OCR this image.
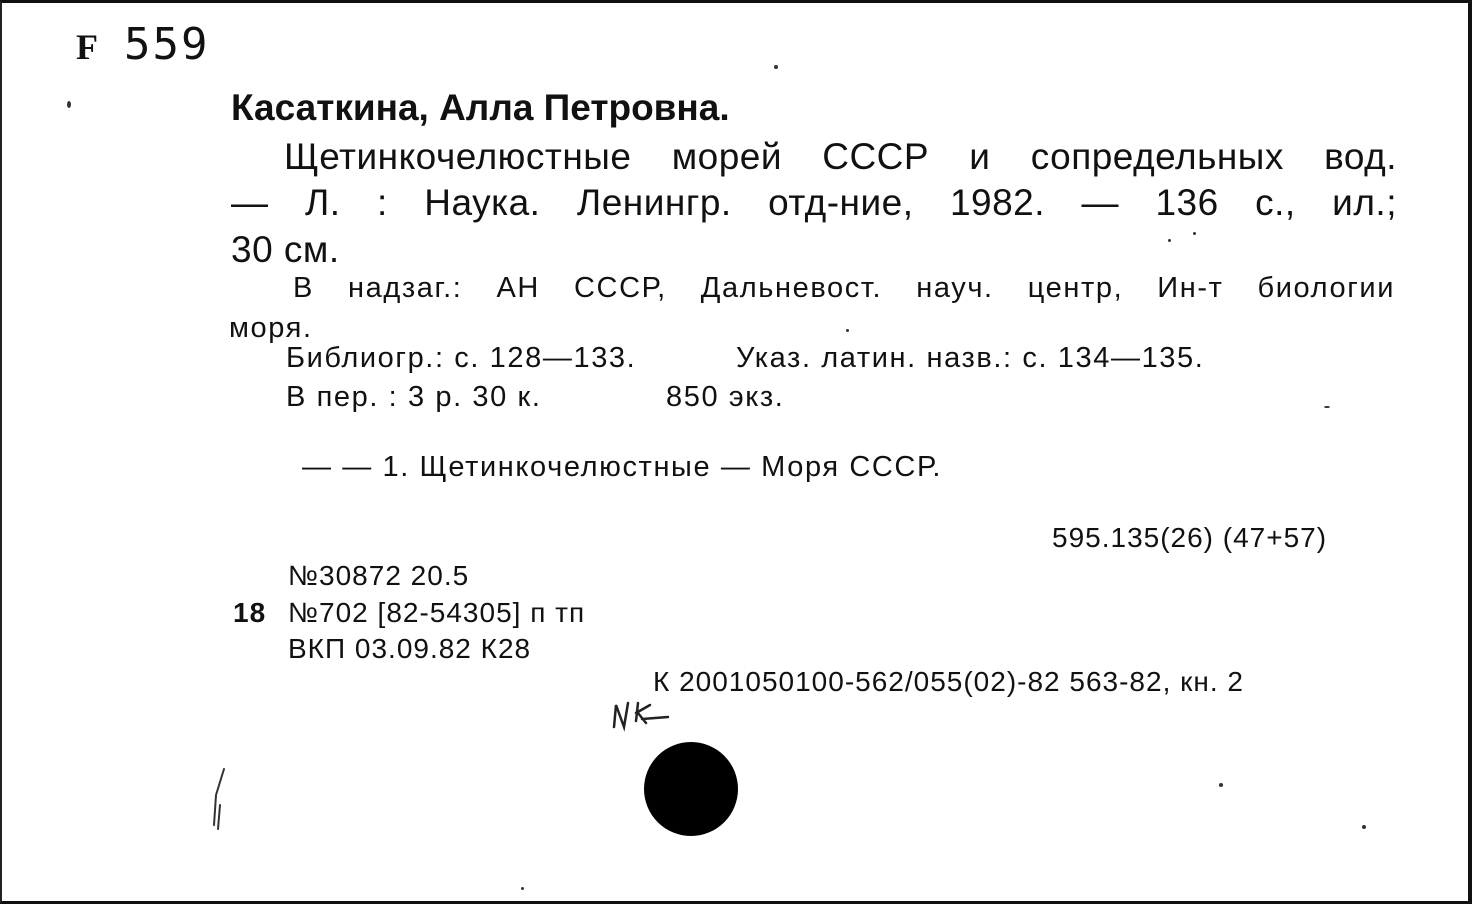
F 559
Касаткина, Алла Петровна.
Щетинкочелюстные морей СССР и сопредельных вод.
— Л. : Наука. Ленингр. отд-ние, 1982. — 136 с., ил.;
30 см.
В надзаг.: АН СССР, Дальневост. науч. центр, Ин-т биологии
моря.
Библиогр.: с. 128—133.	Указ. латин. назв.: с. 134—135.
В пер. : 3 р. 30 к.	850 экз.
— — 1. Щетинкочелюстные — Моря СССР.
595.135(26) (47+57)
№30872 20.5
18 №702 [82-54305] п тп
ВКП 03.09.82 К28
К 2001050100-562/055(02)-82 563-82, кн. 2
